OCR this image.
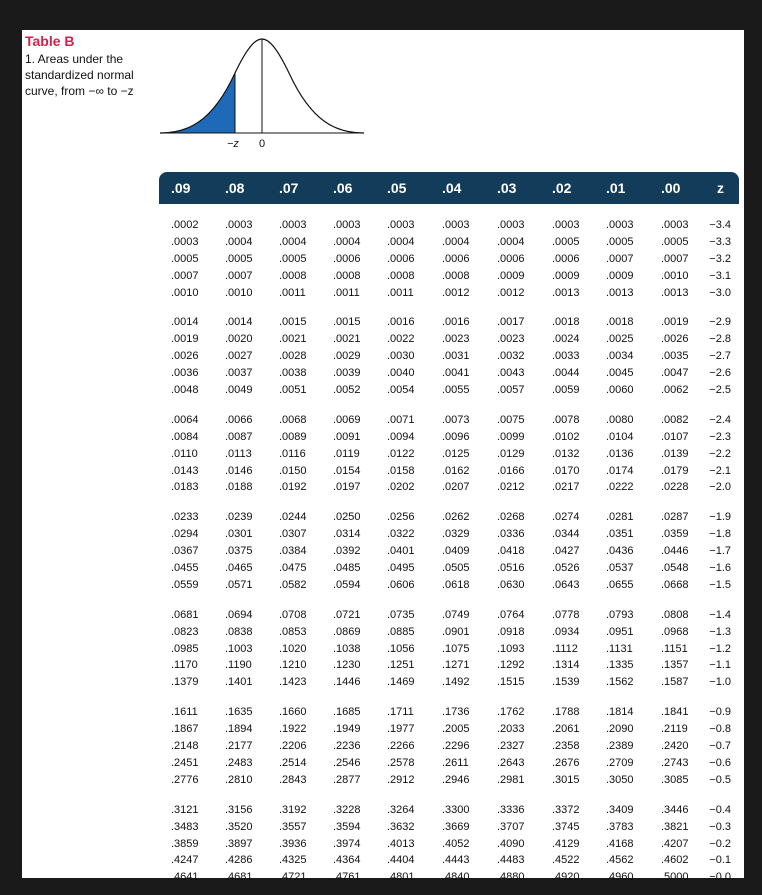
Table B
1. Areas under the standardized normal curve, from −∞ to −z
−z 0
.09 .08 .07 .06 .05	.04	.03	.02 .01	.00	z
.0002 .0003 .0003 .0003 .0003 .0003 .0003 .0003 .0003 .0003	−3.4
.0003 .0004 .0004 .0004 .0004 .0004 .0004 .0005 .0005 .0005	−3.3
.0005 .0005 .0005 .0006 .0006 .0006 .0006 .0006 .0007 .0007	−3.2
.0007 .0007 .0008 .0008 .0008 .0008 .0009 .0009 .0009 .0010	−3.1
.0010 .0010 .0011 .0011 .0011	.0012 .0012 .0013 .0013 .0013	−3.0
.0014 .0014 .0015 .0015 .0016 .0016 .0017 .0018 .0018 .0019	−2.9
.0019 .0020 .0021 .0021 .0022 .0023 .0023 .0024 .0025 .0026	−2.8
.0026 .0027 .0028 .0029 .0030 .0031 .0032 .0033 .0034 .0035	−2.7
.0036 .0037 .0038 .0039 .0040 .0041 .0043 .0044 .0045 .0047	−2.6
.0048 .0049 .0051 .0052 .0054 .0055 .0057 .0059 .0060 .0062	−2.5
.0064 .0066 .0068 .0069 .0071 .0073 .0075 .0078 .0080 .0082	−2.4
.0084 .0087 .0089 .0091 .0094 .0096 .0099 .0102 .0104 .0107	−2.3
.0110 .0113 .0116 .0119 .0122 .0125 .0129 .0132 .0136 .0139	−2.2
.0143 .0146 .0150 .0154 .0158 .0162 .0166 .0170 .0174 .0179	−2.1
.0183 .0188 .0192 .0197 .0202 .0207 .0212 .0217 .0222 .0228	−2.0
.0233 .0239 .0244 .0250 .0256 .0262 .0268 .0274 .0281 .0287	−1.9
.0294 .0301 .0307 .0314 .0322 .0329 .0336 .0344 .0351 .0359	−1.8
.0367 .0375 .0384 .0392 .0401 .0409 .0418 .0427 .0436 .0446	−1.7
.0455 .0465 .0475 .0485 .0495 .0505 .0516 .0526 .0537 .0548	−1.6
.0559 .0571 .0582 .0594 .0606 .0618 .0630 .0643 .0655 .0668	−1.5
.0681 .0694 .0708 .0721 .0735 .0749 .0764 .0778 .0793 .0808	−1.4
.0823 .0838 .0853 .0869 .0885 .0901 .0918 .0934 .0951 .0968	−1.3
.0985 .1003 .1020 .1038 .1056 .1075 .1093 .1112	.1131	.1151	−1.2
.1170 .1190 .1210 .1230 .1251 .1271 .1292 .1314 .1335 .1357	−1.1
.1379 .1401 .1423 .1446 .1469 .1492 .1515 .1539 .1562 .1587	−1.0
.1611 .1635 .1660 .1685 .1711	.1736 .1762 .1788 .1814 .1841	−0.9
.1867 .1894 .1922 .1949 .1977 .2005 .2033 .2061 .2090 .2119	−0.8
.2148 .2177 .2206 .2236 .2266 .2296 .2327 .2358 .2389 .2420	−0.7
.2451 .2483 .2514 .2546 .2578 .2611	.2643 .2676 .2709 .2743	−0.6
.2776 .2810 .2843 .2877 .2912 .2946 .2981 .3015 .3050 .3085	−0.5
.3121 .3156 .3192 .3228 .3264 .3300 .3336 .3372 .3409 .3446	−0.4
.3483 .3520 .3557 .3594 .3632 .3669 .3707 .3745 .3783 .3821	−0.3
.3859 .3897 .3936 .3974 .4013 .4052 .4090 .4129 .4168 .4207	−0.2
.4247 .4286 .4325 .4364 .4404 .4443 .4483 .4522 .4562 .4602	−0.1
.4641 .4681 .4721 .4761 .4801 .4840 .4880 .4920 .4960 .5000	−0.0
